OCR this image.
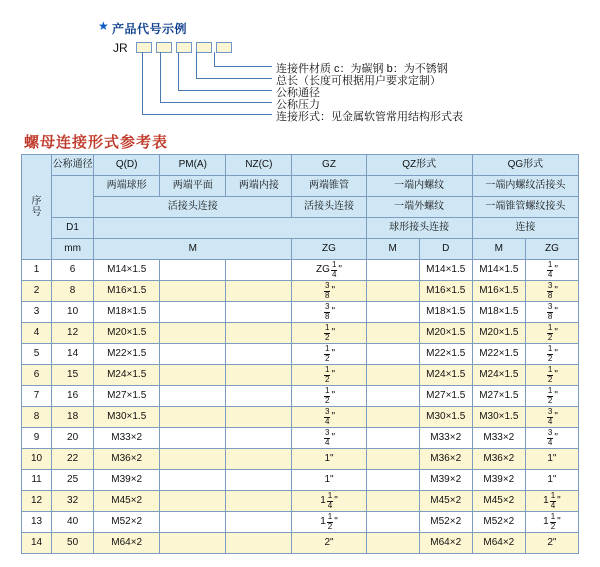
★ 产品代号示例
JR
连接件材质 c：为碳钢 b：为不锈钢
总长（长度可根据用户要求定制）
公称通径
公称压力
连接形式：见金属软管常用结构形式表
螺母连接形式参考表
序
号	公称通径	Q(D)	PM(A)	NZ(C)	GZ	QZ形式		QG形式	
		两端球形	两端平面	两端内接	两端锥管	一端内螺纹		一端内螺纹活接头	
		活接头连接			活接头连接	一端外螺纹		一端锥管螺纹接头	
	D1					球形接头连接		连接	
	mm	M			ZG	M	D	M	ZG
1	6	M14×1.5			ZG $\frac{1}{4}$ "		M14×1.5	M14×1.5	$\frac{1}{4}$ "
2	8	M16×1.5			$\frac{3}{8}$ "		M16×1.5	M16×1.5	$\frac{3}{8}$ "
3	10	M18×1.5			$\frac{3}{8}$ "		M18×1.5	M18×1.5	$\frac{3}{8}$ "
4	12	M20×1.5			$\frac{1}{2}$ "		M20×1.5	M20×1.5	$\frac{1}{2}$ "
5	14	M22×1.5			$\frac{1}{2}$ "		M22×1.5	M22×1.5	$\frac{1}{2}$ "
6	15	M24×1.5			$\frac{1}{2}$ "		M24×1.5	M24×1.5	$\frac{1}{2}$ "
7	16	M27×1.5			$\frac{1}{2}$ "		M27×1.5	M27×1.5	$\frac{1}{2}$ "
8	18	M30×1.5			$\frac{3}{4}$ "		M30×1.5	M30×1.5	$\frac{3}{4}$ "
9	20	M33×2			$\frac{3}{4}$ "		M33×2	M33×2	$\frac{3}{4}$ "
10	22	M36×2			1"		M36×2	M36×2	1"
11	25	M39×2			1"		M39×2	M39×2	1"
12	32	M45×2			$1 \frac{1}{4}$ "		M45×2	M45×2	$1 \frac{1}{4}$ "
13	40	M52×2			$1 \frac{1}{2}$ "		M52×2	M52×2	$1 \frac{1}{2}$ "
14	50	M64×2			2"		M64×2	M64×2	2"
